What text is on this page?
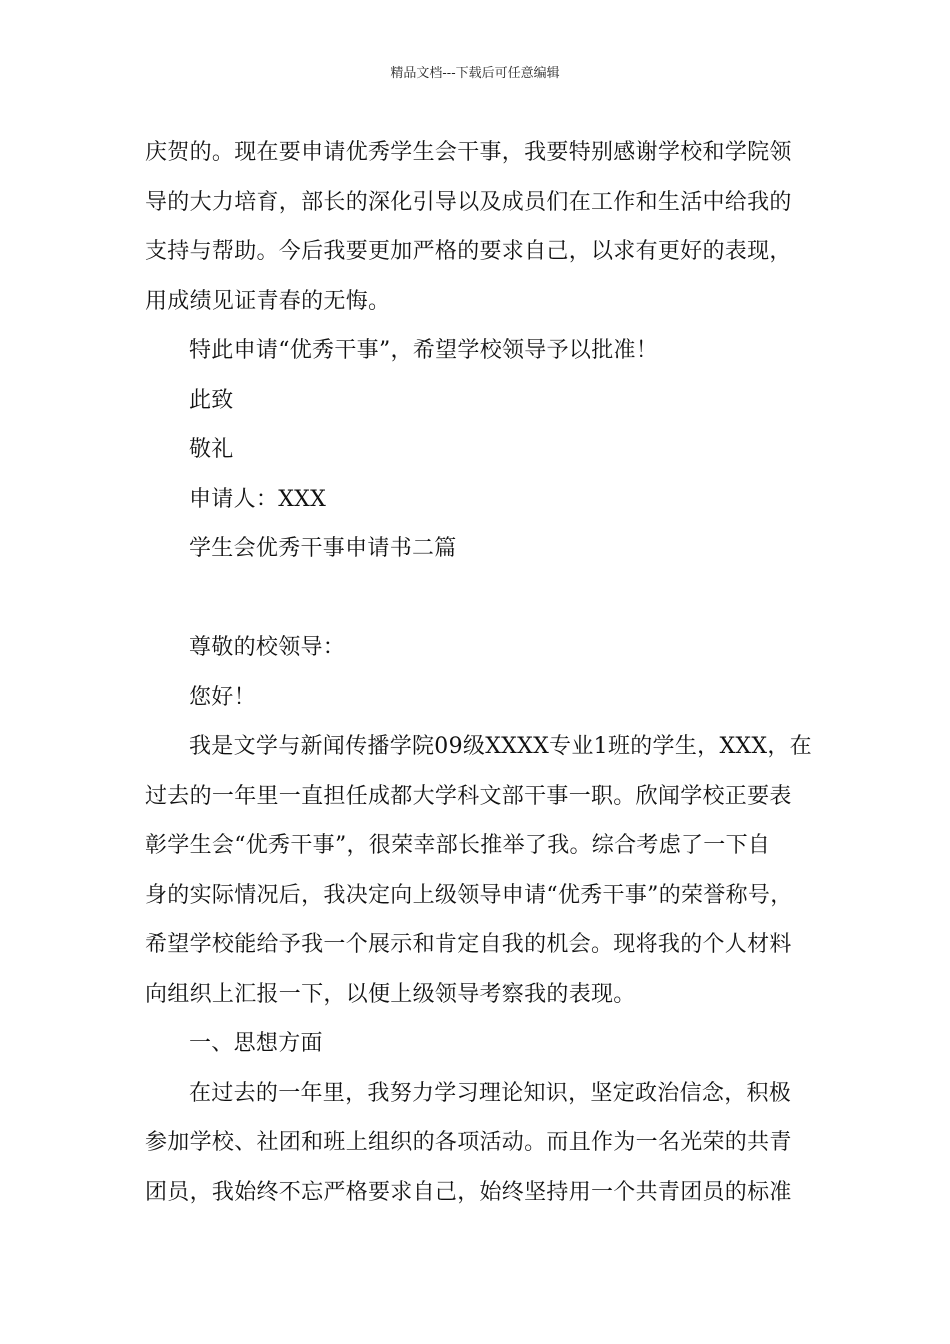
精品文档---下载后可任意编辑
庆贺的。现在要申请优秀学生会干事，我要特别感谢学校和学院领
导的大力培育，部长的深化引导以及成员们在工作和生活中给我的
支持与帮助。今后我要更加严格的要求自己，以求有更好的表现，
用成绩见证青春的无悔。
特此申请“优秀干事”，希望学校领导予以批准！
此致
敬礼
申请人：XXX
学生会优秀干事申请书二篇
尊敬的校领导：
您好！
我是文学与新闻传播学院09级XXXX专业1班的学生，XXX，在
过去的一年里一直担任成都大学科文部干事一职。欣闻学校正要表
彰学生会“优秀干事”，很荣幸部长推举了我。综合考虑了一下自
身的实际情况后，我决定向上级领导申请“优秀干事”的荣誉称号，
希望学校能给予我一个展示和肯定自我的机会。现将我的个人材料
向组织上汇报一下，以便上级领导考察我的表现。
一、思想方面
在过去的一年里，我努力学习理论知识，坚定政治信念，积极
参加学校、社团和班上组织的各项活动。而且作为一名光荣的共青
团员，我始终不忘严格要求自己，始终坚持用一个共青团员的标准
